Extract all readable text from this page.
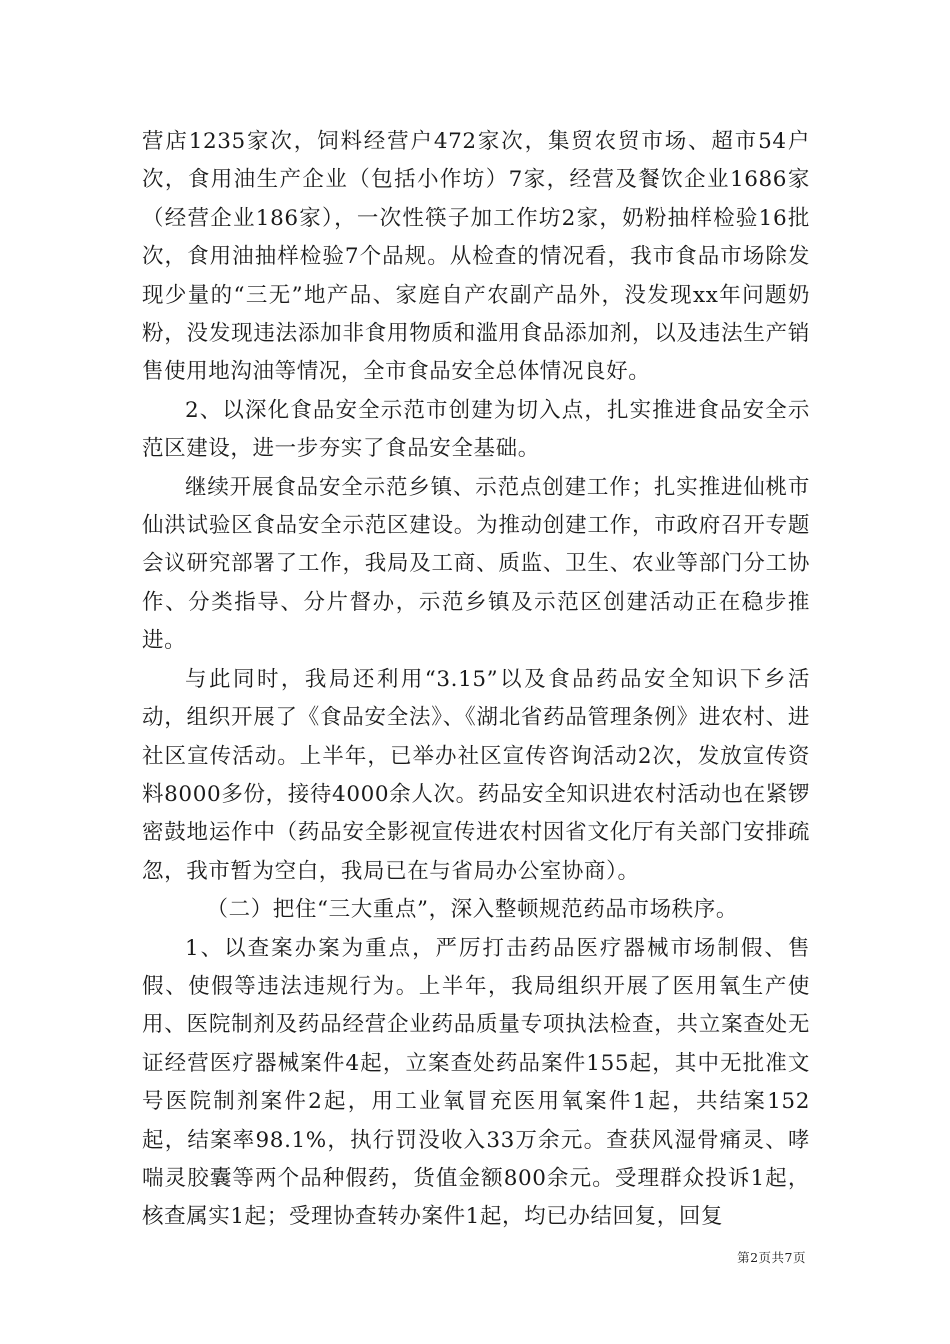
营店1235家次，饲料经营户472家次，集贸农贸市场、超市54户次，食用油生产企业（包括小作坊）7家，经营及餐饮企业1686家（经营企业186家），一次性筷子加工作坊2家，奶粉抽样检验16批次，食用油抽样检验7个品规。从检查的情况看，我市食品市场除发现少量的“三无”地产品、家庭自产农副产品外，没发现xx年问题奶粉，没发现违法添加非食用物质和滥用食品添加剂，以及违法生产销售使用地沟油等情况，全市食品安全总体情况良好。

2、以深化食品安全示范市创建为切入点，扎实推进食品安全示范区建设，进一步夯实了食品安全基础。

继续开展食品安全示范乡镇、示范点创建工作；扎实推进仙桃市仙洪试验区食品安全示范区建设。为推动创建工作，市政府召开专题会议研究部署了工作，我局及工商、质监、卫生、农业等部门分工协作、分类指导、分片督办，示范乡镇及示范区创建活动正在稳步推进。

与此同时，我局还利用“3.15”以及食品药品安全知识下乡活动，组织开展了《食品安全法》、《湖北省药品管理条例》进农村、进社区宣传活动。上半年，已举办社区宣传咨询活动2次，发放宣传资料8000多份，接待4000余人次。药品安全知识进农村活动也在紧锣密鼓地运作中（药品安全影视宣传进农村因省文化厅有关部门安排疏忽，我市暂为空白，我局已在与省局办公室协商）。

（二）把住“三大重点”，深入整顿规范药品市场秩序。

1、以查案办案为重点，严厉打击药品医疗器械市场制假、售假、使假等违法违规行为。上半年，我局组织开展了医用氧生产使用、医院制剂及药品经营企业药品质量专项执法检查，共立案查处无证经营医疗器械案件4起，立案查处药品案件155起，其中无批准文号医院制剂案件2起，用工业氧冒充医用氧案件1起，共结案152起，结案率98.1%，执行罚没收入33万余元。查获风湿骨痛灵、哮喘灵胶囊等两个品种假药，货值金额800余元。受理群众投诉1起，核查属实1起；受理协查转办案件1起，均已办结回复，回复

第2页共7页
